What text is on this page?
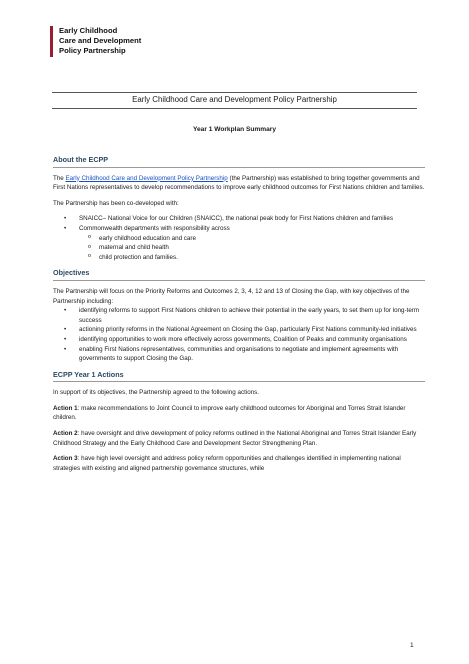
Early Childhood
Care and Development
Policy Partnership
Early Childhood Care and Development Policy Partnership
Year 1 Workplan Summary
About the ECPP

The Early Childhood Care and Development Policy Partnership (the Partnership) was established to bring together governments and First Nations representatives to develop recommendations to improve early childhood outcomes for First Nations children and families.

The Partnership has been co-developed with:

• SNAICC– National Voice for our Children (SNAICC), the national peak body for First Nations children and families
• Commonwealth departments with responsibility across
o early childhood education and care
o maternal and child health
o child protection and families.
Objectives

The Partnership will focus on the Priority Reforms and Outcomes 2, 3, 4, 12 and 13 of Closing the Gap, with key objectives of the Partnership including:

• identifying reforms to support First Nations children to achieve their potential in the early years, to set them up for long-term success
• actioning priority reforms in the National Agreement on Closing the Gap, particularly First Nations community-led initiatives
• identifying opportunities to work more effectively across governments, Coalition of Peaks and community organisations
• enabling First Nations representatives, communities and organisations to negotiate and implement agreements with governments to support Closing the Gap.
ECPP Year 1 Actions

In support of its objectives, the Partnership agreed to the following actions.

Action 1: make recommendations to Joint Council to improve early childhood outcomes for Aboriginal and Torres Strait Islander children.

Action 2: have oversight and drive development of policy reforms outlined in the National Aboriginal and Torres Strait Islander Early Childhood Strategy and the Early Childhood Care and Development Sector Strengthening Plan.

Action 3: have high level oversight and address policy reform opportunities and challenges identified in implementing national strategies with existing and aligned partnership governance structures, while

1
